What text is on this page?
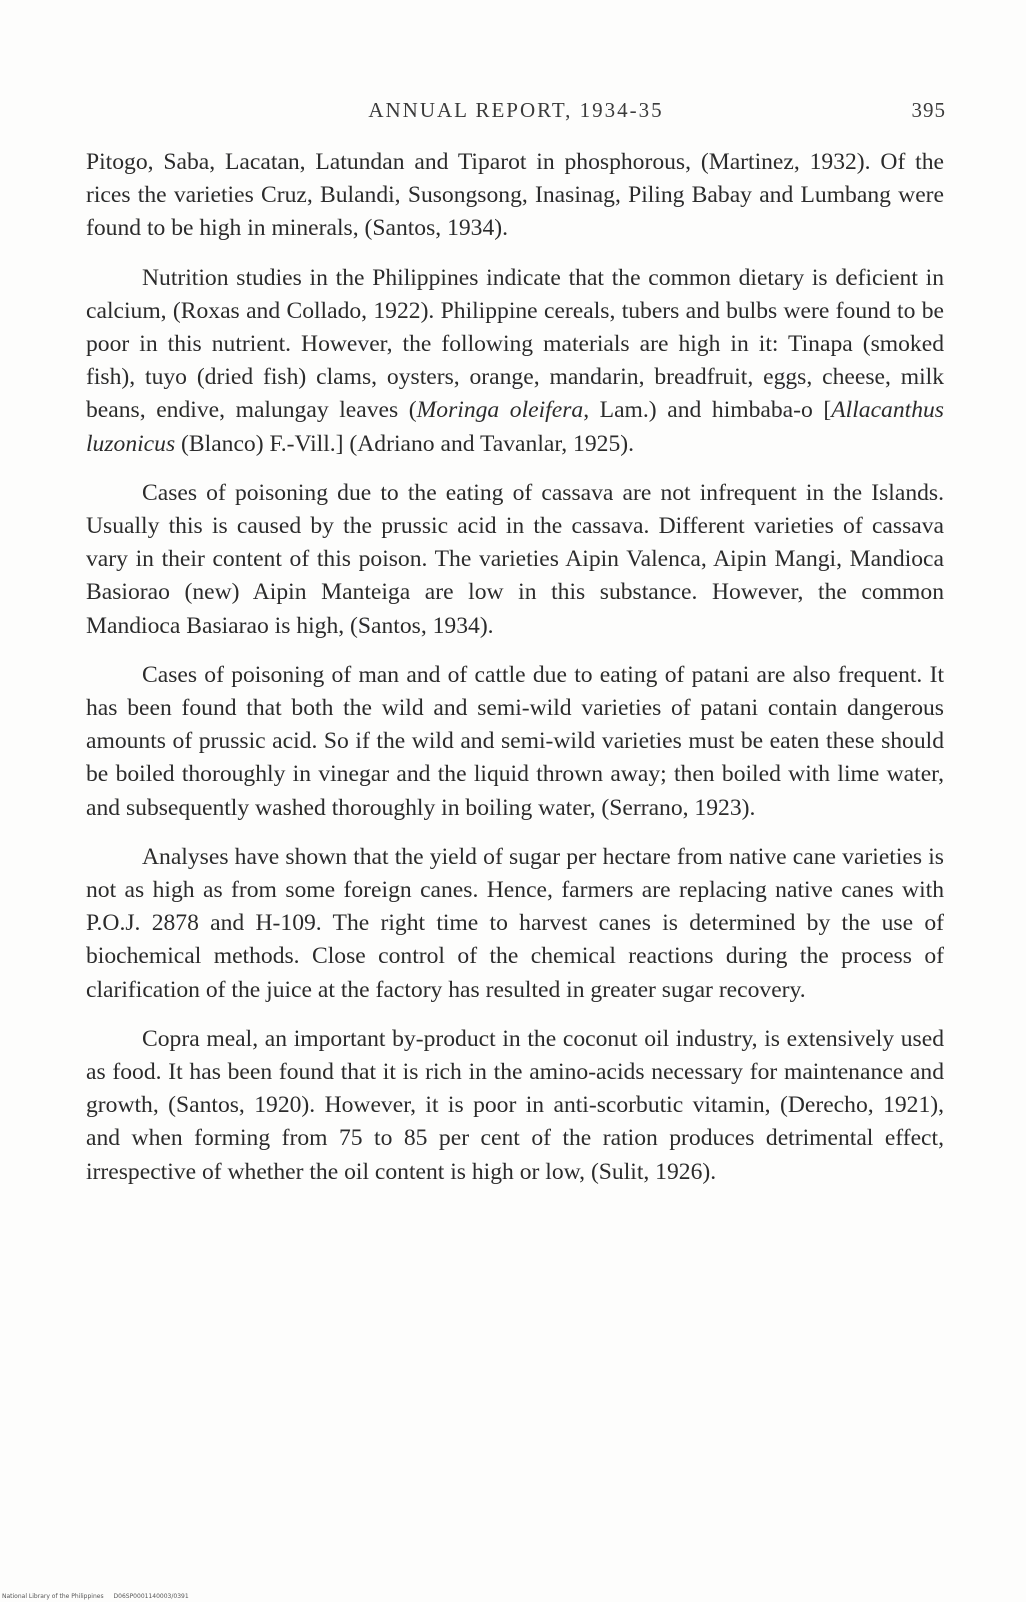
ANNUAL REPORT, 1934-35	395

Pitogo, Saba, Lacatan, Latundan and Tiparot in phosphorous, (Martinez, 1932). Of the rices the varieties Cruz, Bulandi, Susongsong, Inasinag, Piling Babay and Lumbang were found to be high in minerals, (Santos, 1934).

Nutrition studies in the Philippines indicate that the common dietary is deficient in calcium, (Roxas and Collado, 1922). Philippine cereals, tubers and bulbs were found to be poor in this nutrient. However, the following materials are high in it: Tinapa (smoked fish), tuyo (dried fish) clams, oysters, orange, mandarin, breadfruit, eggs, cheese, milk beans, endive, malungay leaves (Moringa oleifera, Lam.) and himbaba-o [Allacanthus luzonicus (Blanco) F.-Vill.] (Adriano and Tavanlar, 1925).

Cases of poisoning due to the eating of cassava are not infrequent in the Islands. Usually this is caused by the prussic acid in the cassava. Different varieties of cassava vary in their content of this poison. The varieties Aipin Valenca, Aipin Mangi, Mandioca Basiorao (new) Aipin Manteiga are low in this substance. However, the common Mandioca Basiarao is high, (Santos, 1934).

Cases of poisoning of man and of cattle due to eating of patani are also frequent. It has been found that both the wild and semi-wild varieties of patani contain dangerous amounts of prussic acid. So if the wild and semi-wild varieties must be eaten these should be boiled thoroughly in vinegar and the liquid thrown away; then boiled with lime water, and subsequently washed thoroughly in boiling water, (Serrano, 1923).

Analyses have shown that the yield of sugar per hectare from native cane varieties is not as high as from some foreign canes. Hence, farmers are replacing native canes with P.O.J. 2878 and H-109. The right time to harvest canes is determined by the use of biochemical methods. Close control of the chemical reactions during the process of clarification of the juice at the factory has resulted in greater sugar recovery.

Copra meal, an important by-product in the coconut oil industry, is extensively used as food. It has been found that it is rich in the amino-acids necessary for maintenance and growth, (Santos, 1920). However, it is poor in anti-scorbutic vitamin, (Derecho, 1921), and when forming from 75 to 85 per cent of the ration produces detrimental effect, irrespective of whether the oil content is high or low, (Sulit, 1926).

National Library of the Philippines D06SP0001140003/0391
